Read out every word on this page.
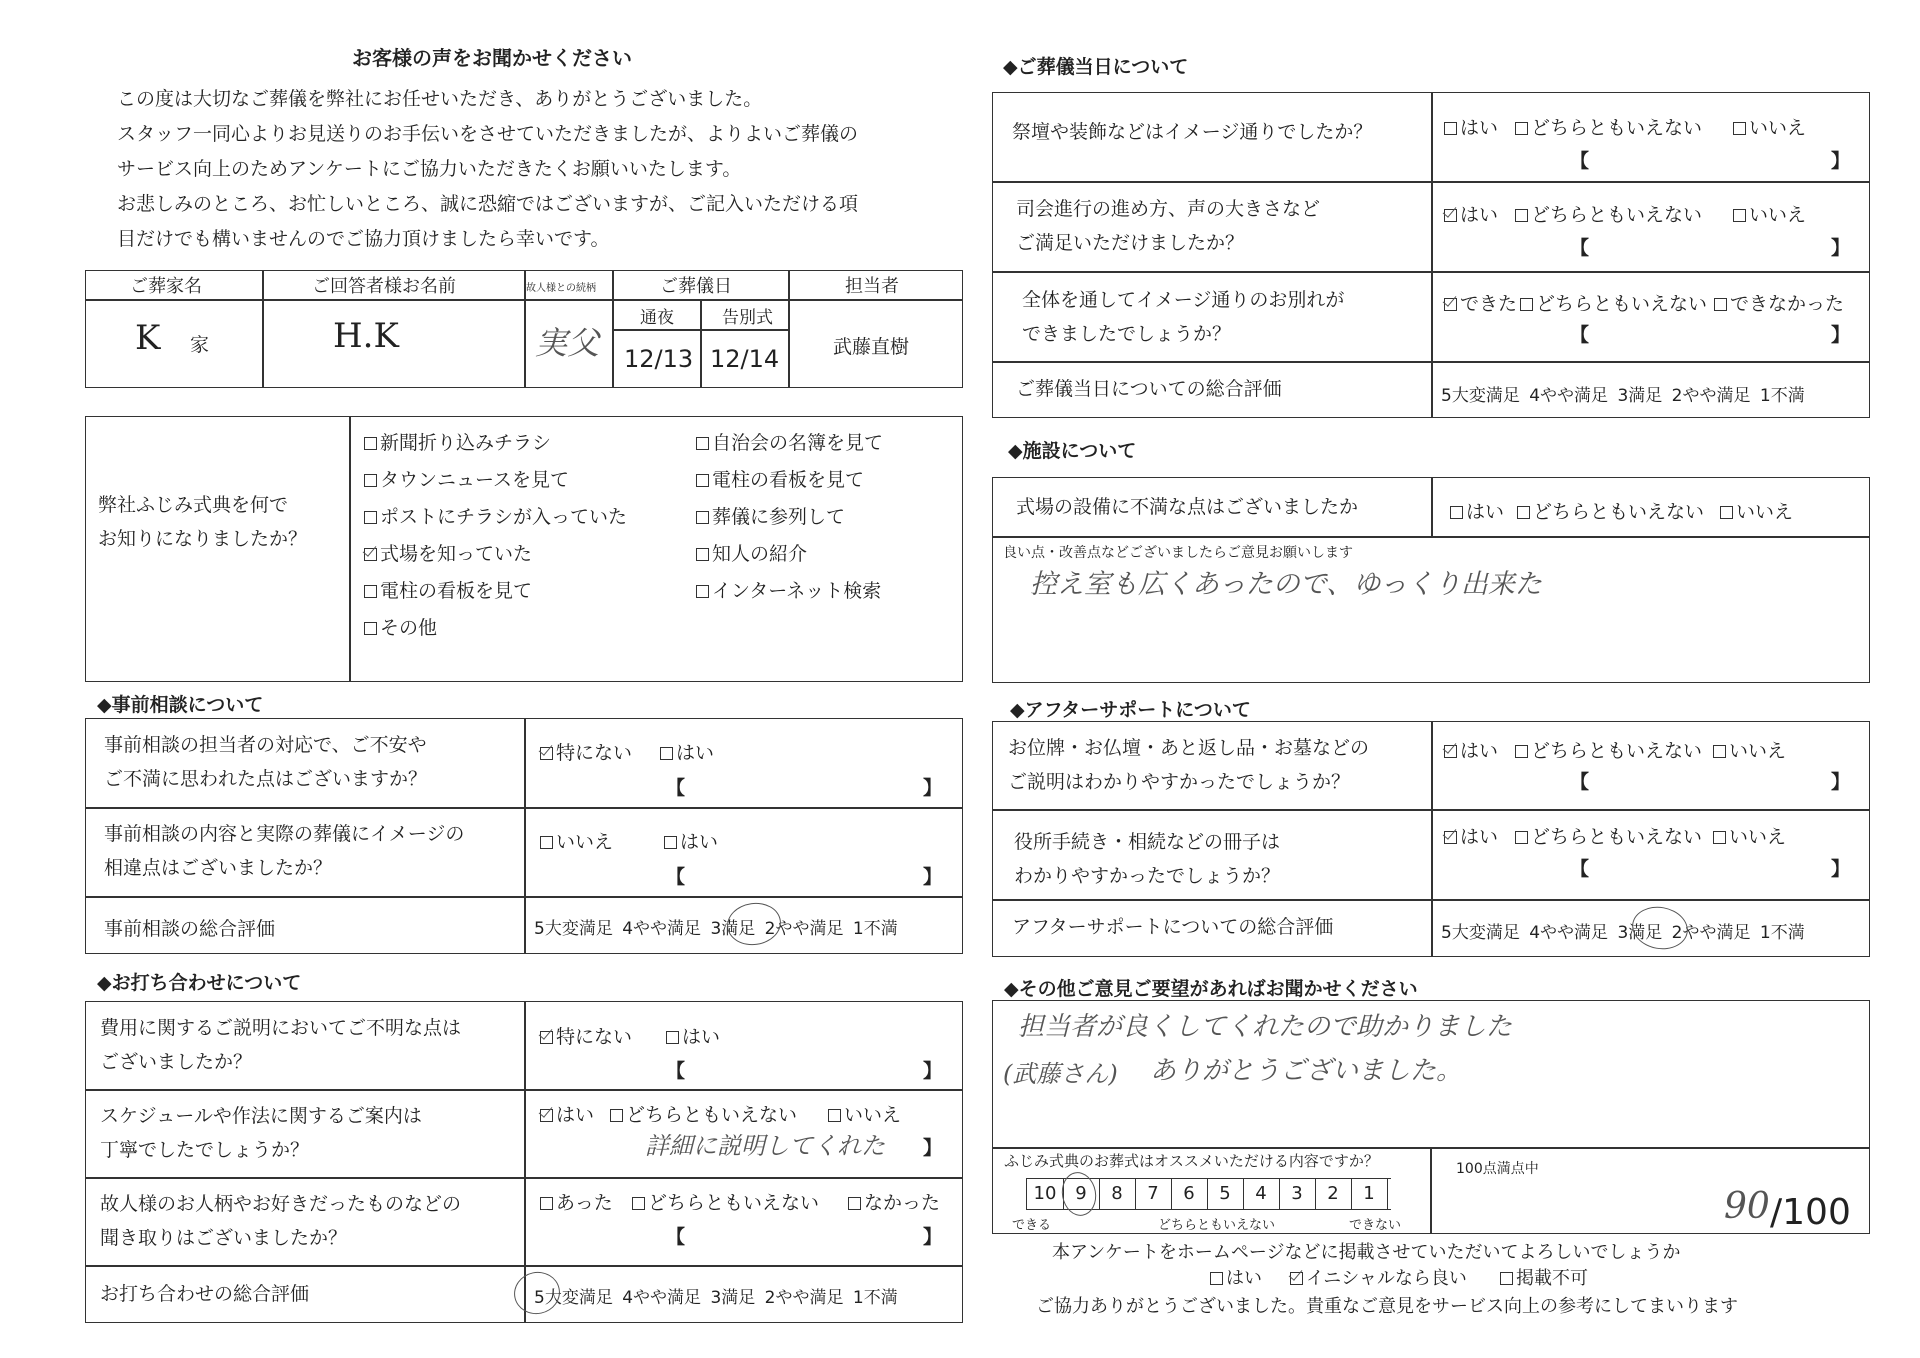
お客様の声をお聞かせください
この度は大切なご葬儀を弊社にお任せいただき、ありがとうございました。
スタッフ一同心よりお見送りのお手伝いをさせていただきましたが、よりよいご葬儀の
サービス向上のためアンケートにご協力いただきたくお願いいたします。
お悲しみのところ、お忙しいところ、誠に恐縮ではございますが、ご記入いただける項
目だけでも構いませんのでご協力頂けましたら幸いです。
ご葬家名	ご回答者様お名前	故人様との続柄	ご葬儀日	担当者
通夜	告別式
K 家	H.K	実父 12/13 12/14	武藤直樹
弊社ふじみ式典を何で
お知りになりましたか？
新聞折り込みチラシ
タウンニュースを見て
ポストにチラシが入っていた
式場を知っていた
電柱の看板を見て
その他
自治会の名簿を見て
電柱の看板を見て
葬儀に参列して
知人の紹介
インターネット検索
◆事前相談について
事前相談の担当者の対応で、ご不安や
ご不満に思われた点はございますか？
特にない	はい
【	】
事前相談の内容と実際の葬儀にイメージの
相違点はございましたか？
いいえ	はい
【	】
事前相談の総合評価	5大変満足 4やや満足 3満足 2やや満足 1不満
◆お打ち合わせについて
費用に関するご説明においてご不明な点は
ございましたか？
特にない	はい
【	】
スケジュールや作法に関するご案内は
丁寧でしたでしょうか？
はい	どちらともいえない	いいえ
詳細に説明してくれた 】
故人様のお人柄やお好きだったものなどの
聞き取りはございましたか？
あった	どちらともいえない	なかった
【	】
お打ち合わせの総合評価	5大変満足 4やや満足 3満足 2やや満足 1不満
◆ご葬儀当日について
祭壇や装飾などはイメージ通りでしたか？	はい	どちらともいえない	いいえ
【	】
司会進行の進め方、声の大きさなど
ご満足いただけましたか？
はい	どちらともいえない	いいえ
【	】
全体を通してイメージ通りのお別れが
できましたでしょうか？
できた どちらともいえない	できなかった
【	】
ご葬儀当日についての総合評価	5大変満足 4やや満足 3満足 2やや満足 1不満
◆施設について
式場の設備に不満な点はございましたか	はい	どちらともいえない	いいえ
良い点・改善点などございましたらご意見お願いします
控え室も広くあったので、ゆっくり出来た
◆アフターサポートについて
お位牌・お仏壇・あと返し品・お墓などの
ご説明はわかりやすかったでしょうか？
はい	どちらともいえない	いいえ
【	】
役所手続き・相続などの冊子は
わかりやすかったでしょうか？
はい	どちらともいえない	いいえ
【	】
アフターサポートについての総合評価	5大変満足 4やや満足 3満足 2やや満足 1不満
◆その他ご意見ご要望があればお聞かせください
担当者が良くしてくれたので助かりました
(武藤さん) ありがとうございました。
ふじみ式典のお葬式はオススメいただける内容ですか？
10	9	8	7	6	5	4	3	2	1
できる	どちらともいえない	できない
100点満点中
90 /100
本アンケートをホームページなどに掲載させていただいてよろしいでしょうか
はい	イニシャルなら良い	掲載不可
ご協力ありがとうございました。貴重なご意見をサービス向上の参考にしてまいります
